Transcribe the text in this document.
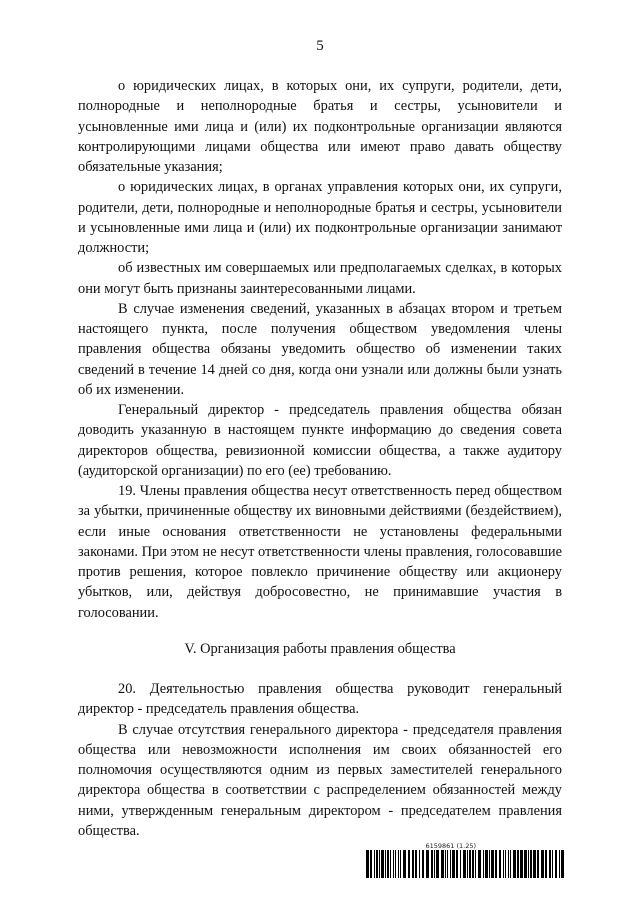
5

о юридических лицах, в которых они, их супруги, родители, дети, полнородные и неполнородные братья и сестры, усыновители и усыновленные ими лица и (или) их подконтрольные организации являются контролирующими лицами общества или имеют право давать обществу обязательные указания;

о юридических лицах, в органах управления которых они, их супруги, родители, дети, полнородные и неполнородные братья и сестры, усыновители и усыновленные ими лица и (или) их подконтрольные организации занимают должности;

об известных им совершаемых или предполагаемых сделках, в которых они могут быть признаны заинтересованными лицами.

В случае изменения сведений, указанных в абзацах втором и третьем настоящего пункта, после получения обществом уведомления члены правления общества обязаны уведомить общество об изменении таких сведений в течение 14 дней со дня, когда они узнали или должны были узнать об их изменении.

Генеральный директор - председатель правления общества обязан доводить указанную в настоящем пункте информацию до сведения совета директоров общества, ревизионной комиссии общества, а также аудитору (аудиторской организации) по его (ее) требованию.

19. Члены правления общества несут ответственность перед обществом за убытки, причиненные обществу их виновными действиями (бездействием), если иные основания ответственности не установлены федеральными законами. При этом не несут ответственности члены правления, голосовавшие против решения, которое повлекло причинение обществу или акционеру убытков, или, действуя добросовестно, не принимавшие участия в голосовании.

V. Организация работы правления общества

20. Деятельностью правления общества руководит генеральный директор - председатель правления общества.

В случае отсутствия генерального директора - председателя правления общества или невозможности исполнения им своих обязанностей его полномочия осуществляются одним из первых заместителей генерального директора общества в соответствии с распределением обязанностей между ними, утвержденным генеральным директором - председателем правления общества.

6159861 (1.25)
